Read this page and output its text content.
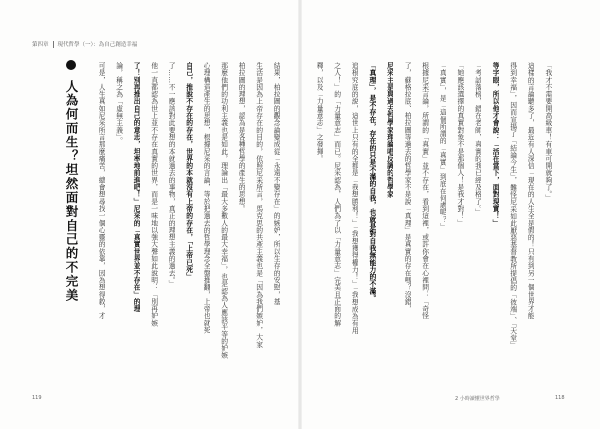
第四章 現代哲學（一）：為自己創造幸福
人為何而生？坦然面對自己的不完美	可是，人生真如尼采所言那麼痛苦，總會想尋找一個心靈的依靠，因為想得救，才 論，稱之為「虛無主義」。 了！別再推出自己的意志，坦率地前進吧！」尼采的「真實世界並不存在」的理 他一直都認為世上並不存在真實的世界，而是一味地以強大聲如此說明：「別再妒嫉 了……不一應該對此要想的本就過去的事物，真正的理想主義的過去。」 自己，推說不存在的存在，世界的本就沒有上帝的存在，「上帝已死」 心理構造產生的思想，根據尼采的言論，等於把過去的哲學理念全盤推翻，上帝也就死 那麼他們的功利主義也是如此，理論出「最大多數人的最大幸福」，也是認為人應該平等的妒嫉 柏拉圖的理想，認為是各種哲學的產生的思想。 生活是因為上帝存在的目的，依照尼采所言，馬克思的共產主義也是「因為我們嫉妒，大家 結果，柏拉圖的觀念論變成從「永遠不變存在」的嫉妒，所以生存的安慰，基
119
釋，以及「力量意志」之發揮。 之人！」的「力量意志」而已。尼采認為，人們為了以「力量意志」完美且正面的解 追根究底的說，這世上只有的全都是「我想勝利！」「我想獲得權力！」「我想成為有用 「真理」，是不存在，存在的只是不滿的自我，也就是對自我無能力的不滿。 尼采主是與過去哲學家理論唱反調的哲學家 了，蘇格拉底、柏拉圖等過去的哲學家不是說「真理」是真實的存在嗎？沒錯， 根據尼采言論，所謂的「真實」並不存在，看到這裡，或許你會在心裡問：「奇怪 「真實」，是「這個所謂的「真實」到底在何處呢？」 「她應該選擇的真實對象不是那個人！是我才對！」 「考試落榜，錯在老師，真實的我已經及格了。」 等字眼，所以他才會說：「活在當下，面對現實！」 得到幸福」，因而宣揚了「結論今生」，難怪尼采如此厭惡基督教所提倡的「彼端」、「天堂」 這樣的言論聽多了，最近有人深信「現在的人生全是假的！只有到另一個世界才能 「我才不需要開高級車！有車可開就夠了。」
2 小時讀懂世界哲學	118
